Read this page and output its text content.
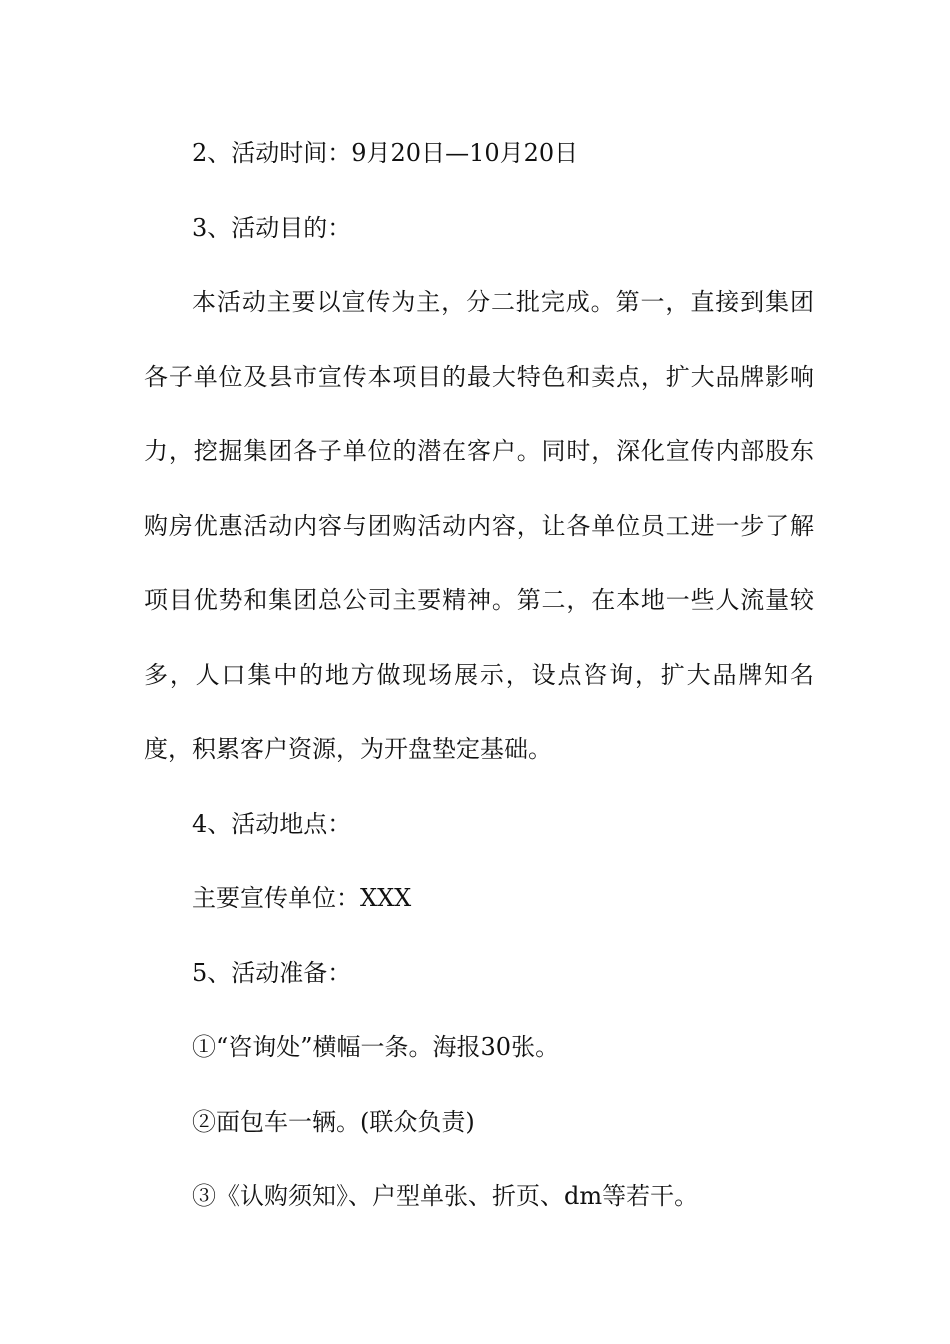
2、活动时间：9月20日—10月20日

3、活动目的：

本活动主要以宣传为主，分二批完成。第一，直接到集团各子单位及县市宣传本项目的最大特色和卖点，扩大品牌影响力，挖掘集团各子单位的潜在客户。同时，深化宣传内部股东购房优惠活动内容与团购活动内容，让各单位员工进一步了解项目优势和集团总公司主要精神。第二，在本地一些人流量较多，人口集中的地方做现场展示，设点咨询，扩大品牌知名度，积累客户资源，为开盘垫定基础。

4、活动地点：

主要宣传单位：XXX

5、活动准备：

①“咨询处”横幅一条。海报30张。

②面包车一辆。(联众负责)

③《认购须知》、户型单张、折页、dm等若干。
